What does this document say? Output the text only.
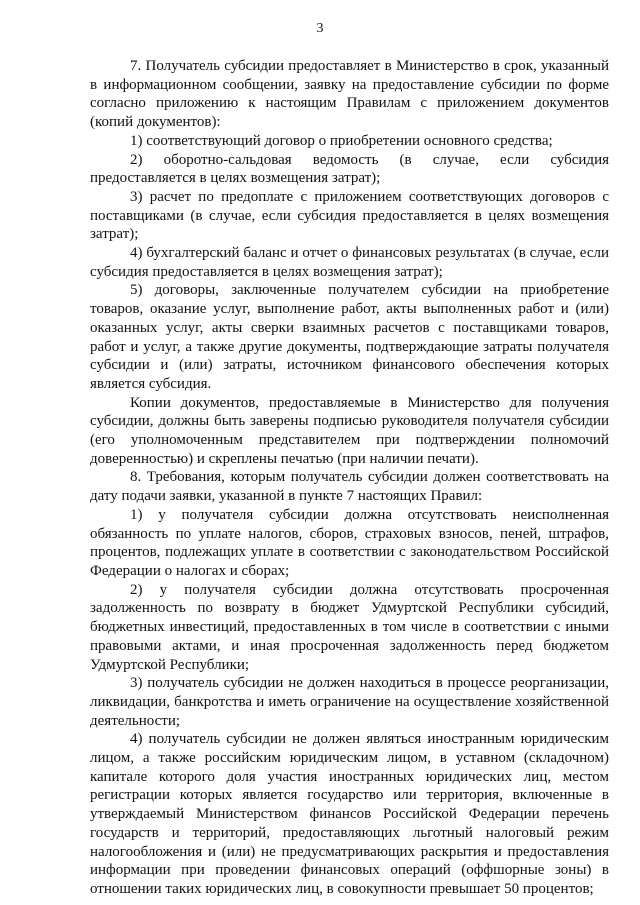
3

7. Получатель субсидии предоставляет в Министерство в срок, указанный в информационном сообщении, заявку на предоставление субсидии по форме согласно приложению к настоящим Правилам с приложением документов (копий документов):

1) соответствующий договор о приобретении основного средства;

2) оборотно-сальдовая ведомость (в случае, если субсидия предоставляется в целях возмещения затрат);

3) расчет по предоплате с приложением соответствующих договоров с поставщиками (в случае, если субсидия предоставляется в целях возмещения затрат);

4) бухгалтерский баланс и отчет о финансовых результатах (в случае, если субсидия предоставляется в целях возмещения затрат);

5) договоры, заключенные получателем субсидии на приобретение товаров, оказание услуг, выполнение работ, акты выполненных работ и (или) оказанных услуг, акты сверки взаимных расчетов с поставщиками товаров, работ и услуг, а также другие документы, подтверждающие затраты получателя субсидии и (или) затраты, источником финансового обеспечения которых является субсидия.

Копии документов, предоставляемые в Министерство для получения субсидии, должны быть заверены подписью руководителя получателя субсидии (его уполномоченным представителем при подтверждении полномочий доверенностью) и скреплены печатью (при наличии печати).

8. Требования, которым получатель субсидии должен соответствовать на дату подачи заявки, указанной в пункте 7 настоящих Правил:

1) у получателя субсидии должна отсутствовать неисполненная обязанность по уплате налогов, сборов, страховых взносов, пеней, штрафов, процентов, подлежащих уплате в соответствии с законодательством Российской Федерации о налогах и сборах;

2) у получателя субсидии должна отсутствовать просроченная задолженность по возврату в бюджет Удмуртской Республики субсидий, бюджетных инвестиций, предоставленных в том числе в соответствии с иными правовыми актами, и иная просроченная задолженность перед бюджетом Удмуртской Республики;

3) получатель субсидии не должен находиться в процессе реорганизации, ликвидации, банкротства и иметь ограничение на осуществление хозяйственной деятельности;

4) получатель субсидии не должен являться иностранным юридическим лицом, а также российским юридическим лицом, в уставном (складочном) капитале которого доля участия иностранных юридических лиц, местом регистрации которых является государство или территория, включенные в утверждаемый Министерством финансов Российской Федерации перечень государств и территорий, предоставляющих льготный налоговый режим налогообложения и (или) не предусматривающих раскрытия и предоставления информации при проведении финансовых операций (оффшорные зоны) в отношении таких юридических лиц, в совокупности превышает 50 процентов;
